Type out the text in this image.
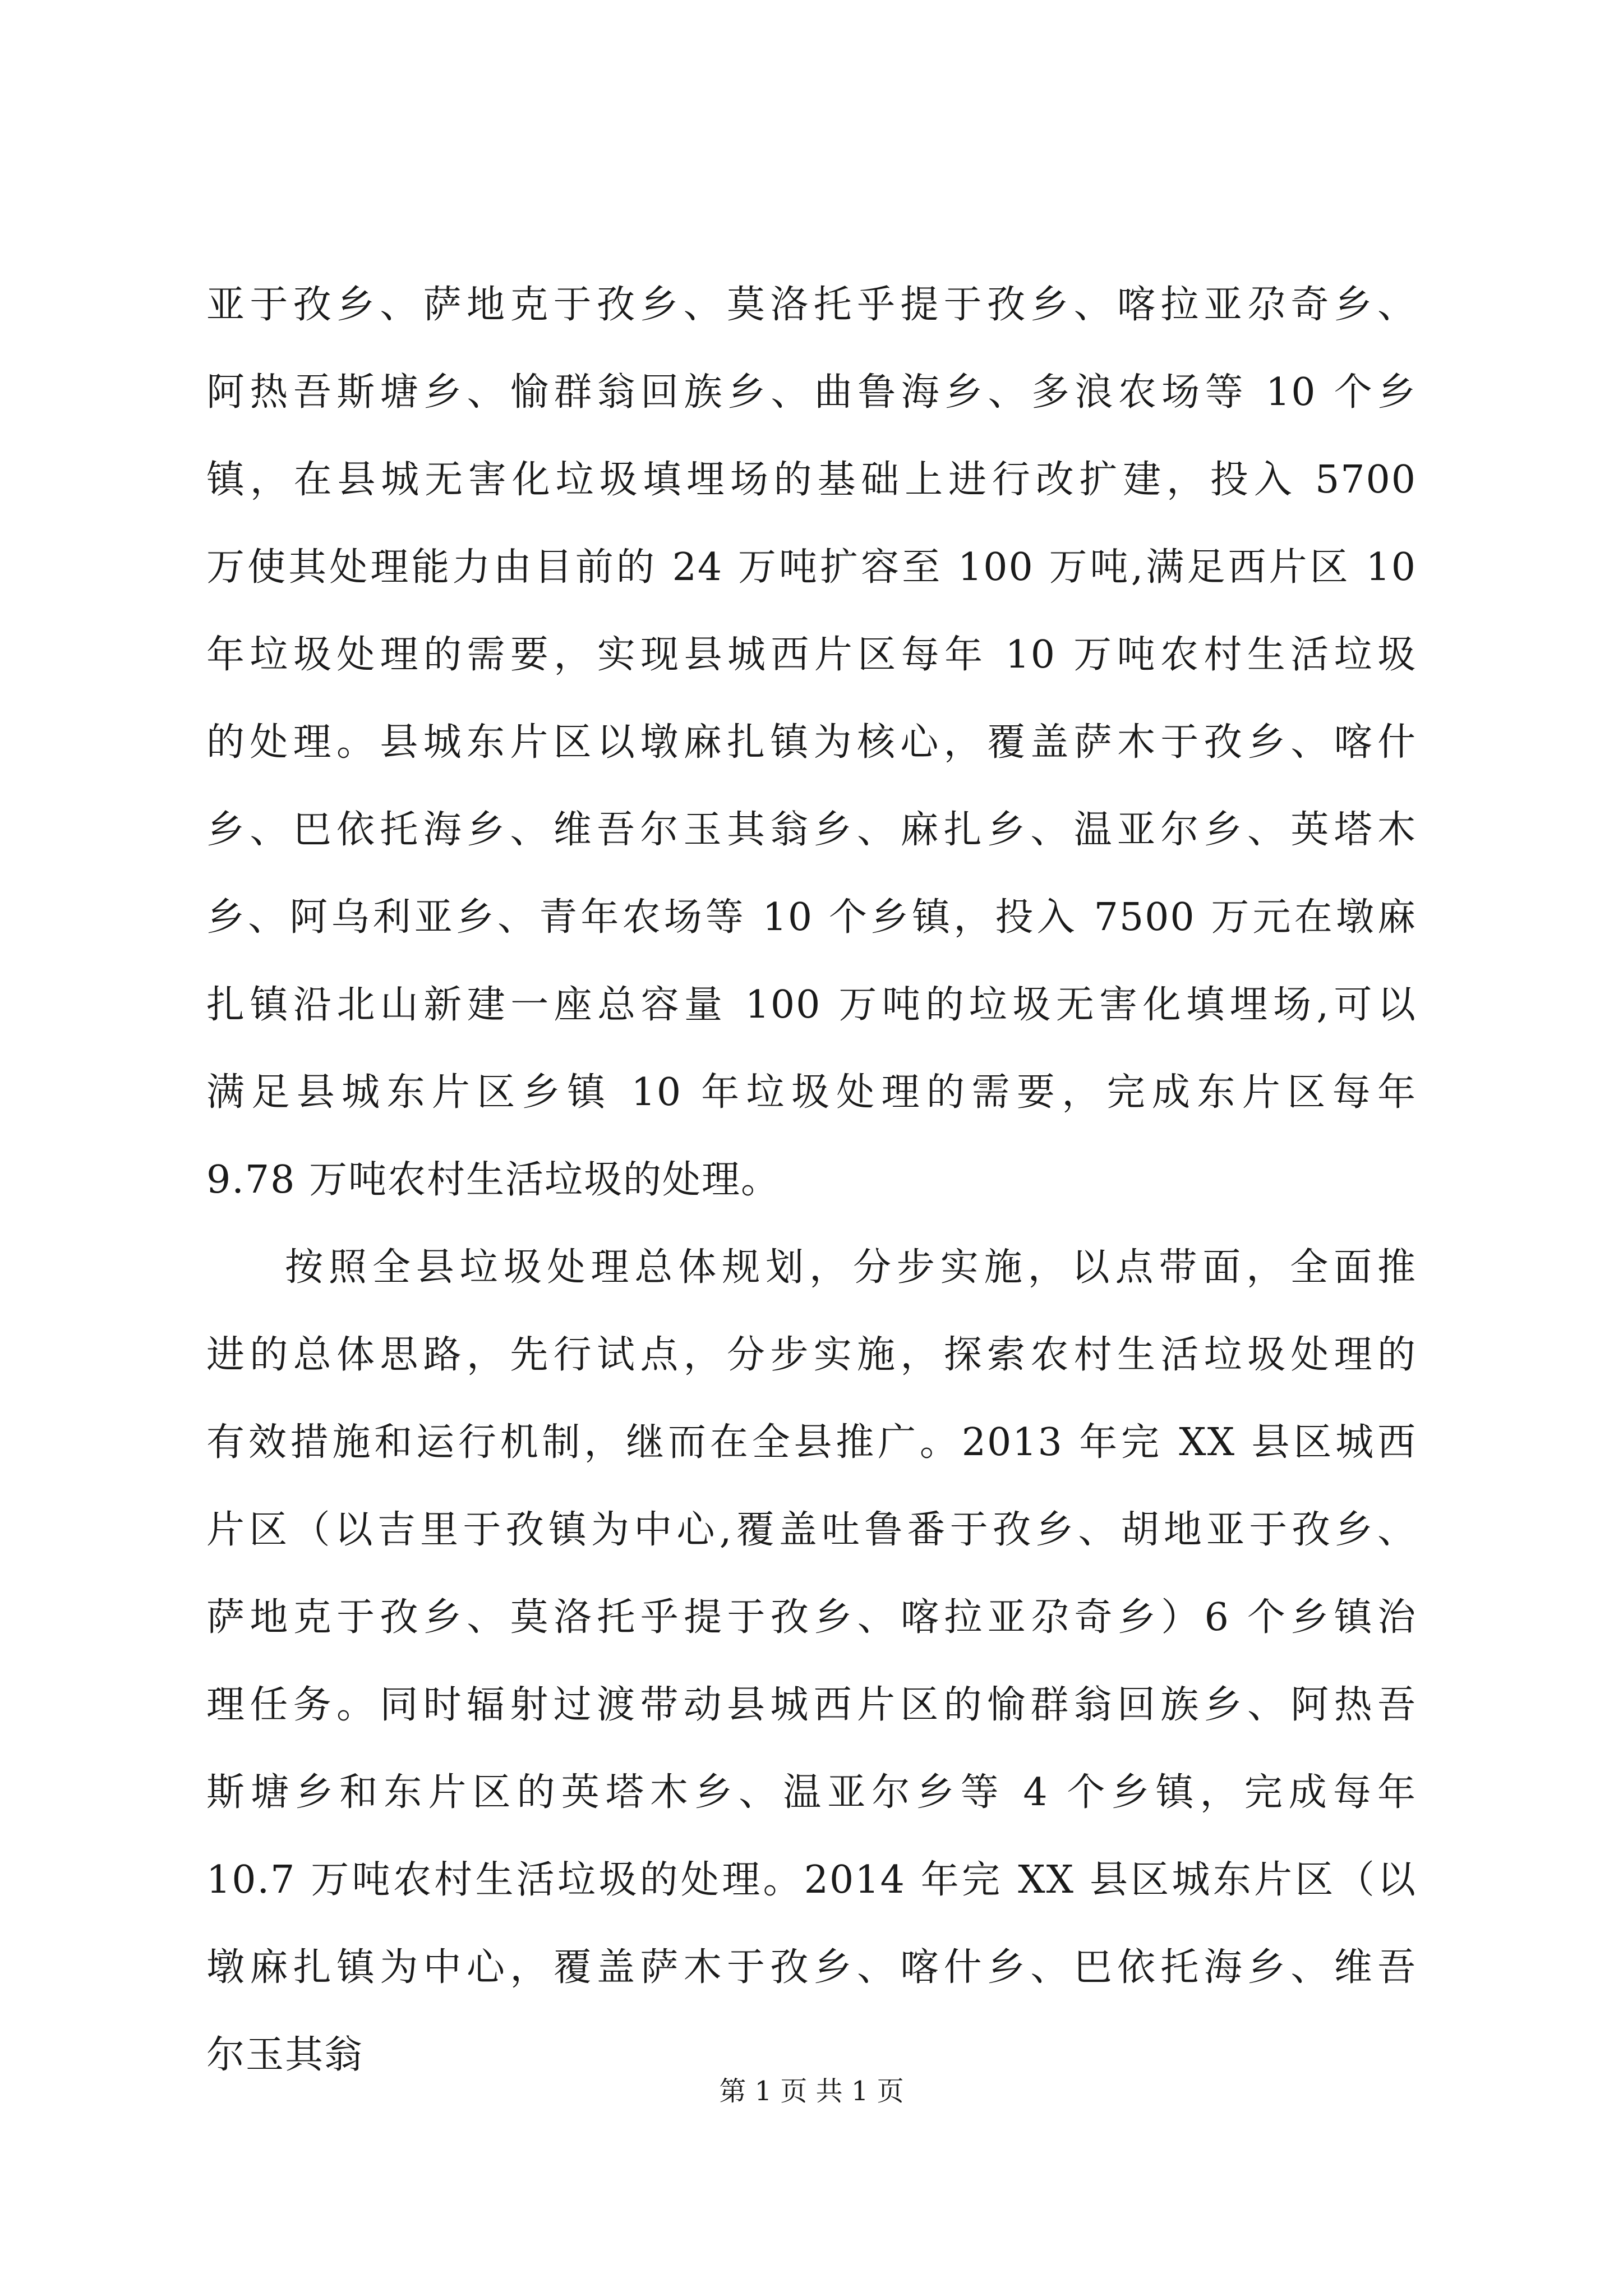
亚于孜乡、萨地克于孜乡、莫洛托乎提于孜乡、喀拉亚尕奇乡、
阿热吾斯塘乡、愉群翁回族乡、曲鲁海乡、多浪农场等 10 个乡
镇，在县城无害化垃圾填埋场的基础上进行改扩建，投入 5700
万使其处理能力由目前的 24 万吨扩容至 100 万吨,满足西片区 10
年垃圾处理的需要，实现县城西片区每年 10 万吨农村生活垃圾
的处理。县城东片区以墩麻扎镇为核心，覆盖萨木于孜乡、喀什
乡、巴依托海乡、维吾尔玉其翁乡、麻扎乡、温亚尔乡、英塔木
乡、阿乌利亚乡、青年农场等 10 个乡镇，投入 7500 万元在墩麻
扎镇沿北山新建一座总容量 100 万吨的垃圾无害化填埋场,可以
满足县城东片区乡镇 10 年垃圾处理的需要，完成东片区每年
9.78 万吨农村生活垃圾的处理。
按照全县垃圾处理总体规划，分步实施，以点带面，全面推
进的总体思路，先行试点，分步实施，探索农村生活垃圾处理的
有效措施和运行机制，继而在全县推广。2013 年完 XX 县区城西
片区（以吉里于孜镇为中心,覆盖吐鲁番于孜乡、胡地亚于孜乡、
萨地克于孜乡、莫洛托乎提于孜乡、喀拉亚尕奇乡）6 个乡镇治
理任务。同时辐射过渡带动县城西片区的愉群翁回族乡、阿热吾
斯塘乡和东片区的英塔木乡、温亚尔乡等 4 个乡镇，完成每年
10.7 万吨农村生活垃圾的处理。2014 年完 XX 县区城东片区（以
墩麻扎镇为中心，覆盖萨木于孜乡、喀什乡、巴依托海乡、维吾
尔玉其翁
第 1 页 共 1 页
